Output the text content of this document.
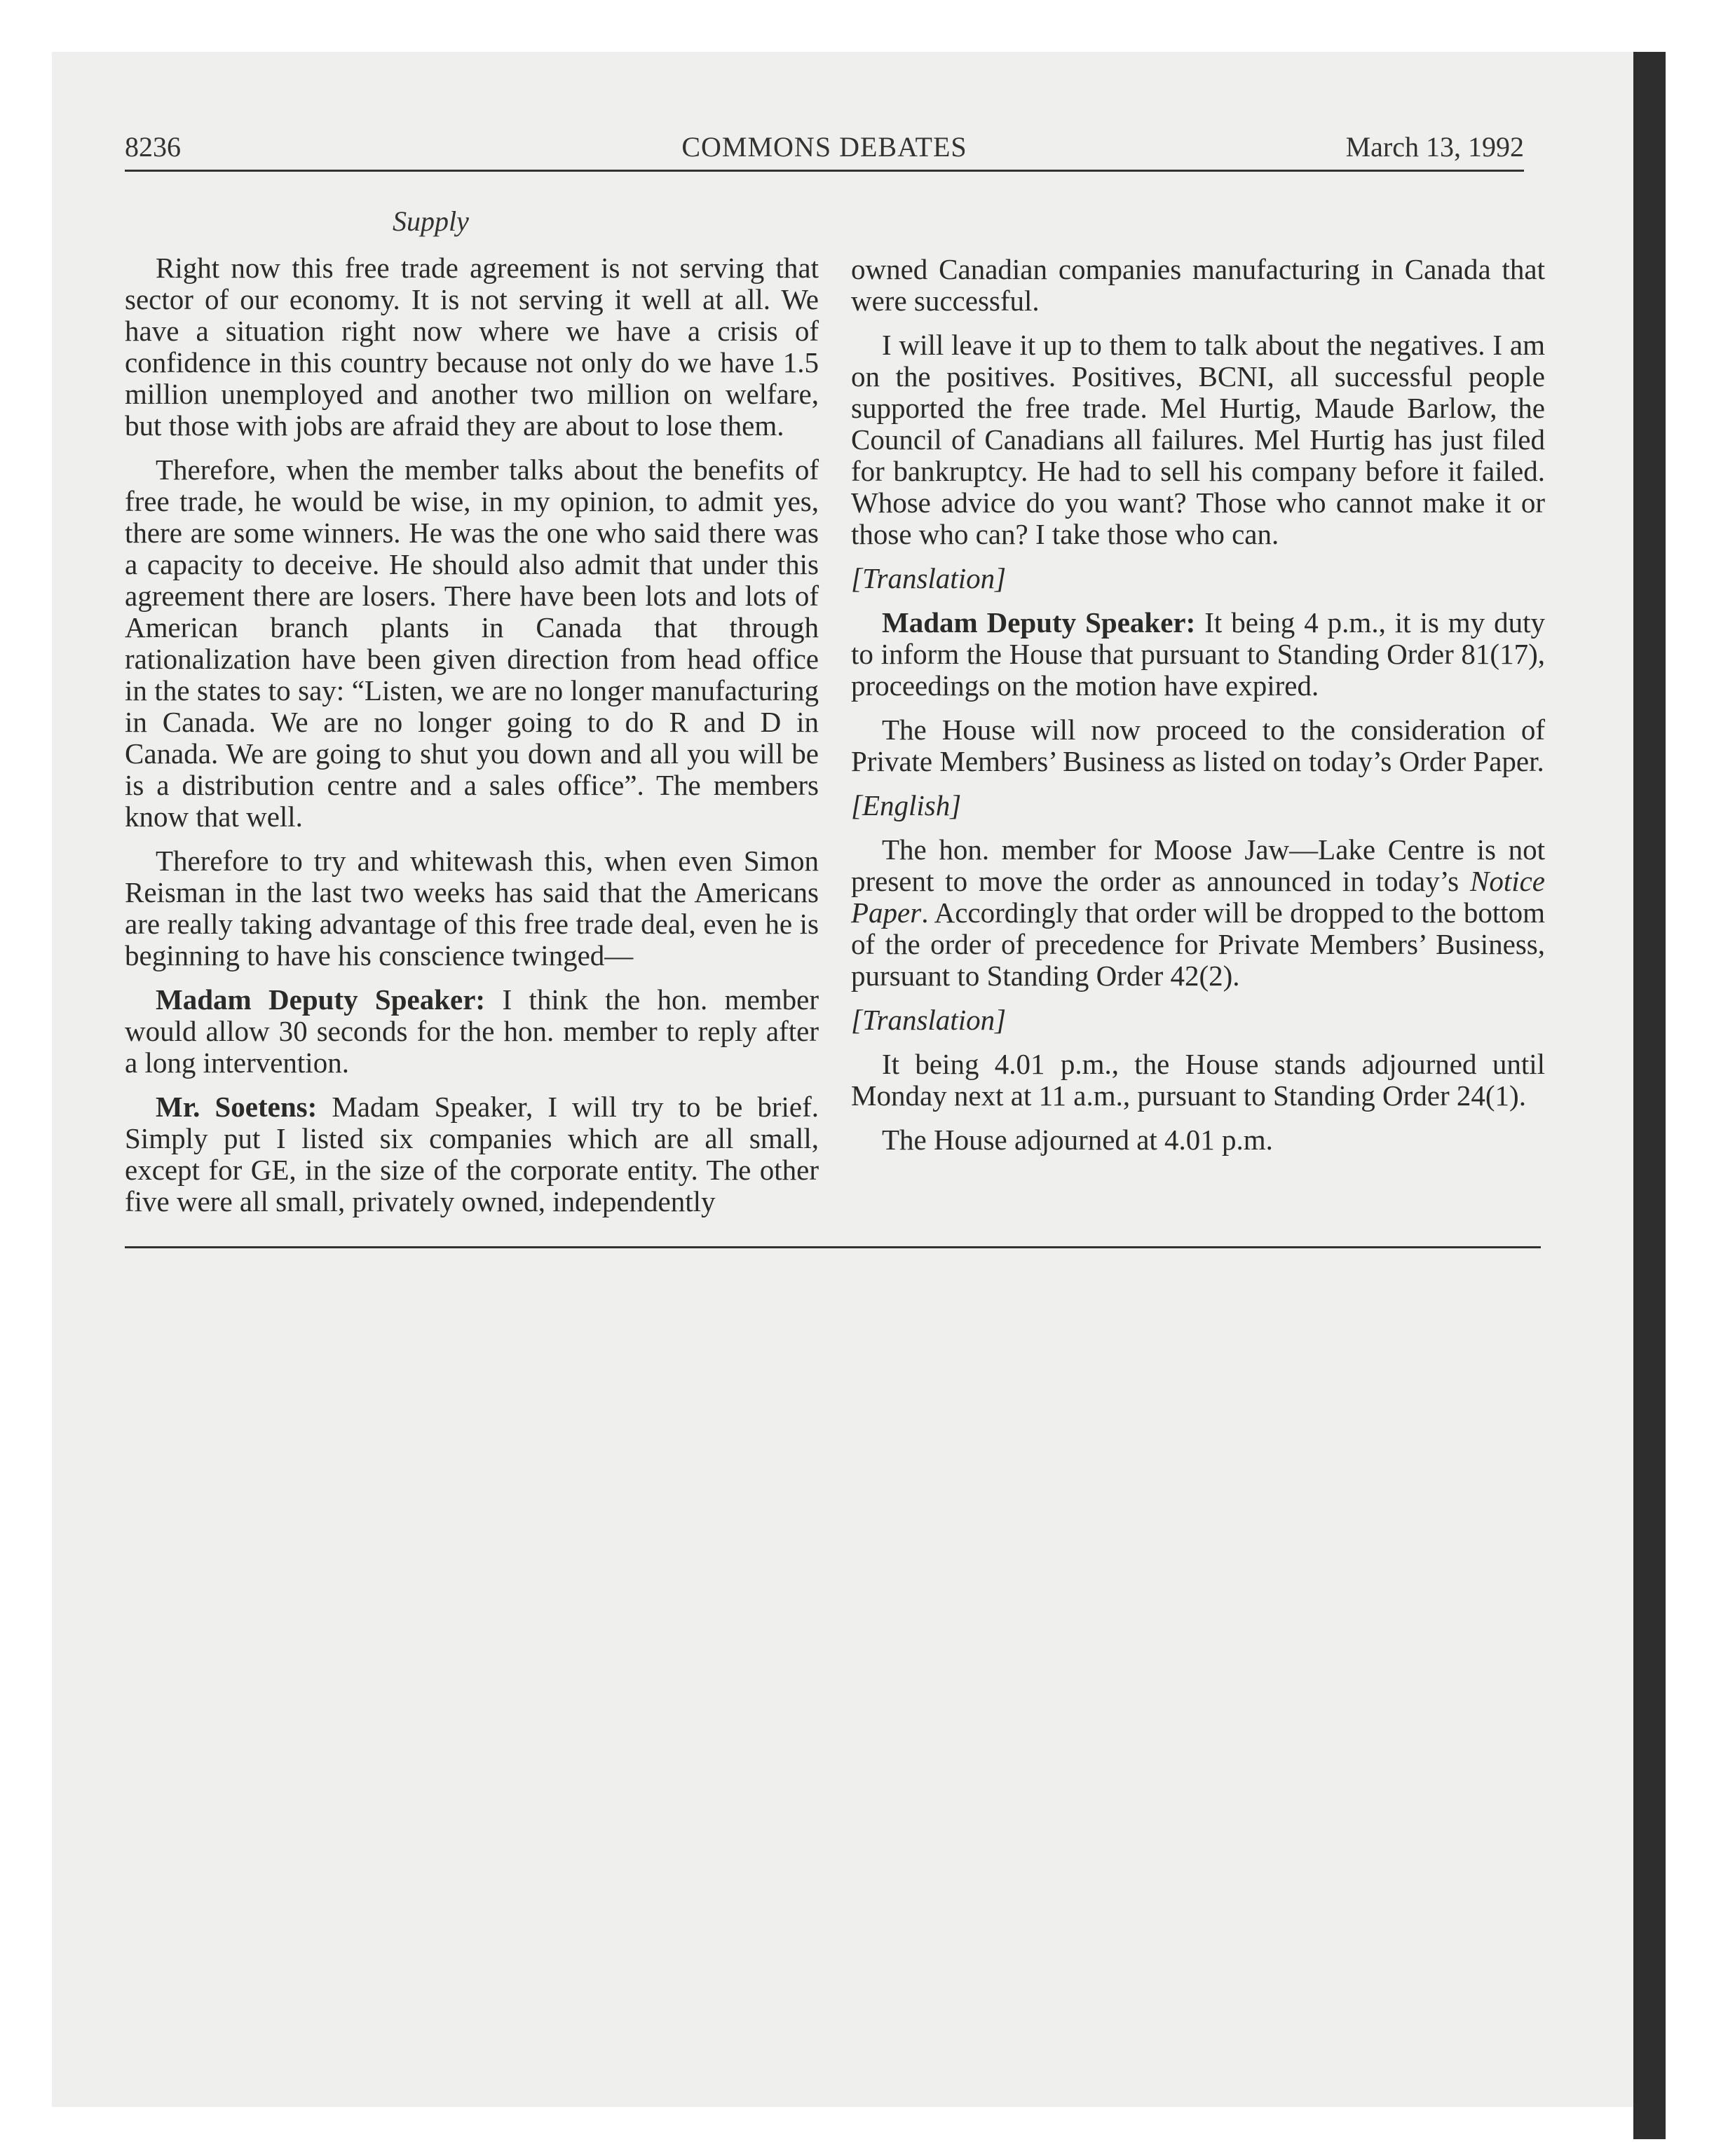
8236	COMMONS DEBATES	March 13, 1992
Supply

Right now this free trade agreement is not serving that sector of our economy. It is not serving it well at all. We have a situation right now where we have a crisis of confidence in this country because not only do we have 1.5 million unemployed and another two million on welfare, but those with jobs are afraid they are about to lose them.

Therefore, when the member talks about the benefits of free trade, he would be wise, in my opinion, to admit yes, there are some winners. He was the one who said there was a capacity to deceive. He should also admit that under this agreement there are losers. There have been lots and lots of American branch plants in Canada that through rationalization have been given direction from head office in the states to say: “Listen, we are no longer manufacturing in Canada. We are no longer going to do R and D in Canada. We are going to shut you down and all you will be is a distribution centre and a sales office”. The members know that well.

Therefore to try and whitewash this, when even Simon Reisman in the last two weeks has said that the Americans are really taking advantage of this free trade deal, even he is beginning to have his conscience twinged—

Madam Deputy Speaker: I think the hon. member would allow 30 seconds for the hon. member to reply after a long intervention.

Mr. Soetens: Madam Speaker, I will try to be brief. Simply put I listed six companies which are all small, except for GE, in the size of the corporate entity. The other five were all small, privately owned, independently

owned Canadian companies manufacturing in Canada that were successful.

I will leave it up to them to talk about the negatives. I am on the positives. Positives, BCNI, all successful people supported the free trade. Mel Hurtig, Maude Barlow, the Council of Canadians all failures. Mel Hurtig has just filed for bankruptcy. He had to sell his company before it failed. Whose advice do you want? Those who cannot make it or those who can? I take those who can.

[Translation]

Madam Deputy Speaker: It being 4 p.m., it is my duty to inform the House that pursuant to Standing Order 81(17), proceedings on the motion have expired.

The House will now proceed to the consideration of Private Members’ Business as listed on today’s Order Paper.

[English]

The hon. member for Moose Jaw—Lake Centre is not present to move the order as announced in today’s Notice Paper. Accordingly that order will be dropped to the bottom of the order of precedence for Private Members’ Business, pursuant to Standing Order 42(2).

[Translation]

It being 4.01 p.m., the House stands adjourned until Monday next at 11 a.m., pursuant to Standing Order 24(1).

The House adjourned at 4.01 p.m.
